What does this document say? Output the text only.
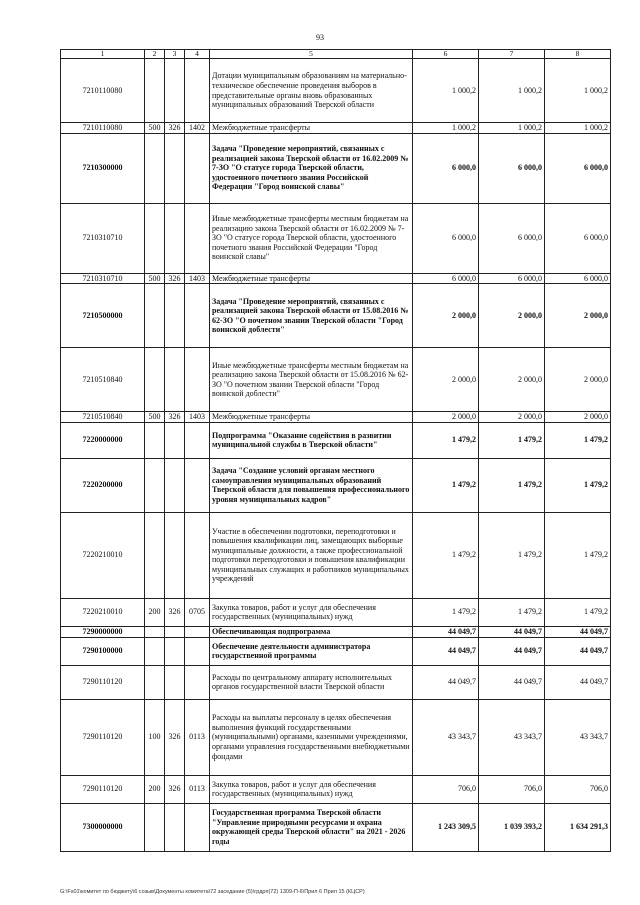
93
1	2	3	4	5	6	7	8
7210110080				Дотации муниципальным образованиям на материально-техническое обеспечение проведения выборов в представительные органы вновь образованных муниципальных образований Тверской области	1 000,2	1 000,2	1 000,2
7210110080	500	326	1402	Межбюджетные трансферты	1 000,2	1 000,2	1 000,2
7210300000				Задача "Проведение мероприятий, связанных с реализацией закона Тверской области от 16.02.2009 № 7-ЗО "О статусе города Тверской области, удостоенного почетного звания Российской Федерации "Город воинской славы"	6 000,0	6 000,0	6 000,0
7210310710				Иные межбюджетные трансферты местным бюджетам на реализацию закона Тверской области от 16.02.2009 № 7-ЗО "О статусе города Тверской области, удостоенного почетного звания Российской Федерации "Город воинской славы"	6 000,0	6 000,0	6 000,0
7210310710	500	326	1403	Межбюджетные трансферты	6 000,0	6 000,0	6 000,0
7210500000				Задача "Проведение мероприятий, связанных с реализацией закона Тверской области от 15.08.2016 № 62-ЗО "О почетном звании Тверской области "Город воинской доблести"	2 000,0	2 000,0	2 000,0
7210510840				Иные межбюджетные трансферты местным бюджетам на реализацию закона Тверской области от 15.08.2016 № 62-ЗО "О почетном звании Тверской области "Город воинской доблести"	2 000,0	2 000,0	2 000,0
7210510840	500	326	1403	Межбюджетные трансферты	2 000,0	2 000,0	2 000,0
7220000000				Подпрограмма "Оказание содействия в развитии муниципальной службы в Тверской области"	1 479,2	1 479,2	1 479,2
7220200000				Задача "Создание условий органам местного самоуправления муниципальных образований Тверской области для повышения профессионального уровня муниципальных кадров"	1 479,2	1 479,2	1 479,2
7220210010				Участие в обеспечении подготовки, переподготовки и повышения квалификации лиц, замещающих выборные муниципальные должности, а также профессиональной подготовки переподготовки и повышения квалификации муниципальных служащих и работников муниципальных учреждений	1 479,2	1 479,2	1 479,2
7220210010	200	326	0705	Закупка товаров, работ и услуг для обеспечения государственных (муниципальных) нужд	1 479,2	1 479,2	1 479,2
7290000000				Обеспечивающая подпрограмма	44 049,7	44 049,7	44 049,7
7290100000				Обеспечение деятельности администратора государственной программы	44 049,7	44 049,7	44 049,7
7290110120				Расходы по центральному аппарату исполнительных органов государственной власти Тверской области	44 049,7	44 049,7	44 049,7
7290110120	100	326	0113	Расходы на выплаты персоналу в целях обеспечения выполнения функций государственными (муниципальными) органами, казенными учреждениями, органами управления государственными внебюджетными фондами	43 343,7	43 343,7	43 343,7
7290110120	200	326	0113	Закупка товаров, работ и услуг для обеспечения государственных (муниципальных) нужд	706,0	706,0	706,0
7300000000				Государственная программа Тверской области "Управление природными ресурсами и охрана окружающей среды Тверской области" на 2021 - 2026 годы	1 243 309,5	1 039 393,2	1 634 291,3
G:\Fs01\комитет по бюджету\6 созыв\Документы комитета\72 заседание (5)\грдрп(72) 1309-П-6\Прил 6 Прил 15 (КЦСР)
